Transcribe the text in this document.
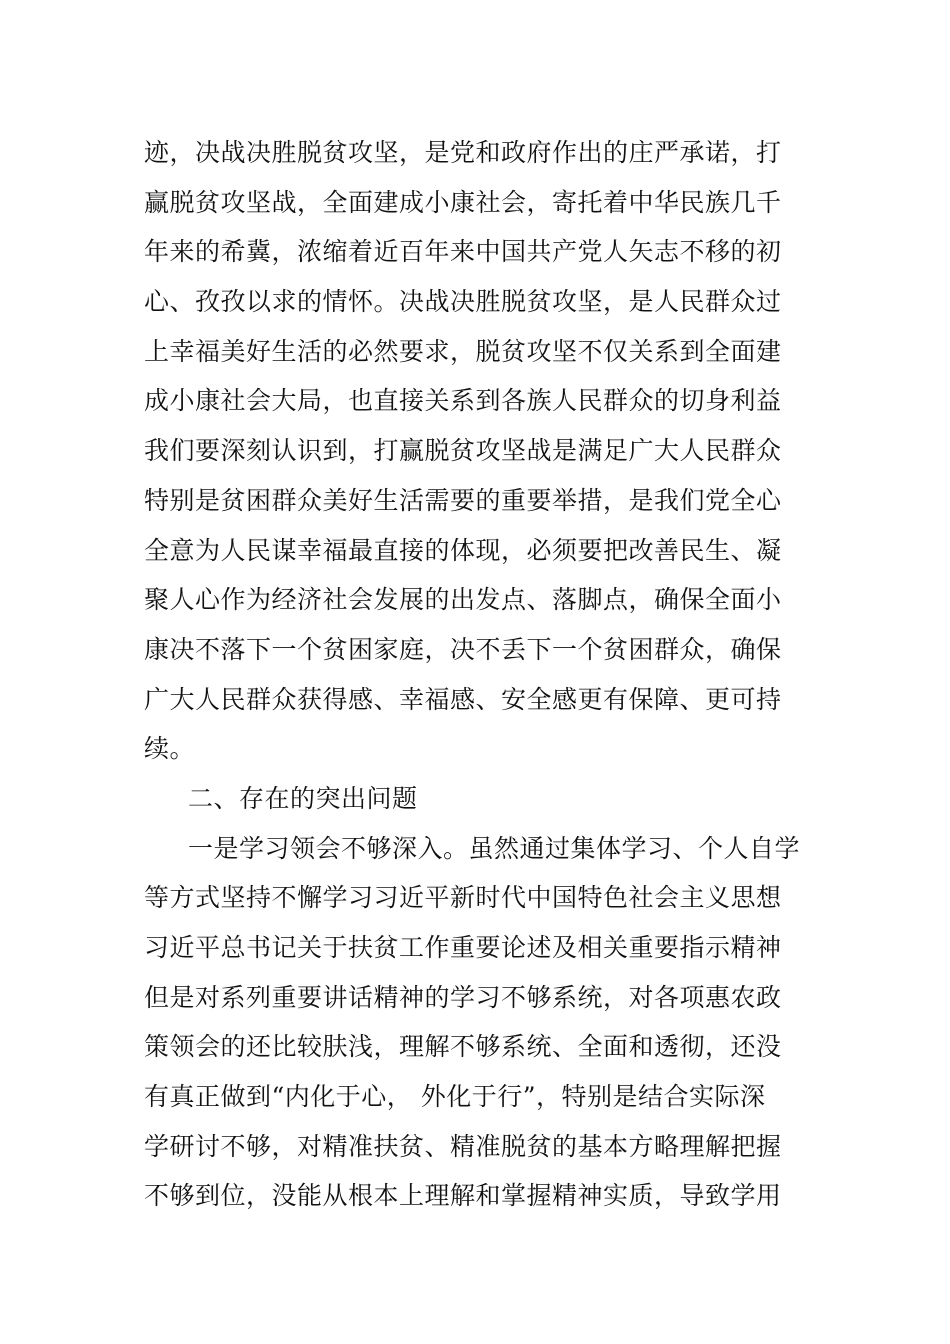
迹，决战决胜脱贫攻坚，是党和政府作出的庄严承诺，打
赢脱贫攻坚战，全面建成小康社会，寄托着中华民族几千
年来的希冀，浓缩着近百年来中国共产党人矢志不移的初
心、孜孜以求的情怀。决战决胜脱贫攻坚，是人民群众过
上幸福美好生活的必然要求，脱贫攻坚不仅关系到全面建
成小康社会大局，也直接关系到各族人民群众的切身利益
我们要深刻认识到，打赢脱贫攻坚战是满足广大人民群众
特别是贫困群众美好生活需要的重要举措，是我们党全心
全意为人民谋幸福最直接的体现，必须要把改善民生、凝
聚人心作为经济社会发展的出发点、落脚点，确保全面小
康决不落下一个贫困家庭，决不丢下一个贫困群众，确保
广大人民群众获得感、幸福感、安全感更有保障、更可持
续。
二、存在的突出问题
一是学习领会不够深入。虽然通过集体学习、个人自学
等方式坚持不懈学习习近平新时代中国特色社会主义思想
习近平总书记关于扶贫工作重要论述及相关重要指示精神
但是对系列重要讲话精神的学习不够系统，对各项惠农政
策领会的还比较肤浅，理解不够系统、全面和透彻，还没
有真正做到“内化于心， 外化于行”，特别是结合实际深
学研讨不够，对精准扶贫、精准脱贫的基本方略理解把握
不够到位，没能从根本上理解和掌握精神实质，导致学用
